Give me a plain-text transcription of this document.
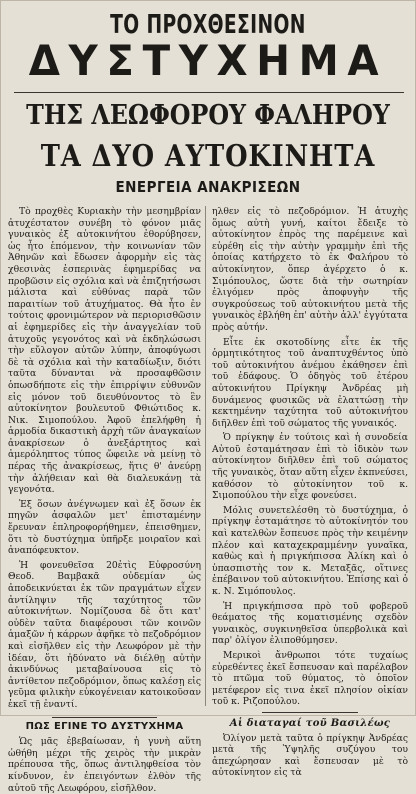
ΤΟ ΠΡΟΧΘΕΣΙΝΟΝ
ΔΥΣΤΥΧΗΜΑ
ΤΗΣ ΛΕΩΦΟΡΟΥ ΦΑΛΗΡΟΥ
ΤΑ ΔΥΟ ΑΥΤΟΚΙΝΗΤΑ
ΕΝΕΡΓΕΙΑ ΑΝΑΚΡΙΣΕΩΝ

Τὸ προχθὲς Κυριακὴν τὴν μεσημβρίαν ἀτυχέστατον συνέβη τὸ φόνον μιᾶς γυναικὸς ἐξ αὐτοκινήτου ἐθορύβησεν, ὡς ἦτο ἑπόμενον, τὴν κοινωνίαν τῶν Ἀθηνῶν καὶ ἔδωσεν ἀφορμὴν εἰς τὰς χθεσινὰς ἑσπερινὰς ἐφημερίδας να προβῶσιν εἰς σχόλια καὶ νὰ ἐπιζητήσωσι μάλιστα καὶ εὐθύνας παρὰ τῶν παραιτίων τοῦ ἀτυχήματος. Θὰ ἦτο ἐν τούτοις φρονιμώτερον νὰ περιορισθῶσιν αἱ ἐφημερίδες εἰς τὴν ἀναγγελίαν τοῦ ἀτυχοῦς γεγονότος καὶ νὰ ἐκδηλώσωσι τὴν εὔλογον αὐτῶν λύπην, ἀποφύγωσι δὲ τὰ σχόλια καὶ τὴν καταδίωξιν, διότι ταῦτα δύνανται νὰ προσαφθῶσιν ὁπωσδήποτε εἰς τὴν ἐπιρρίψιν εὐθυνῶν εἰς μόνον τοῦ διευθύνοντος τὸ ἓν αὐτοκίνητον βουλευτοῦ Φθιώτιδος κ. Νικ. Σιμοπούλου. Ἀφοῦ ἐπελήφθη ἡ ἁρμοδία δικαστικὴ ἀρχὴ τῶν ἀναγκαίων ἀνακρίσεων ὁ ἀνεξάρτητος καὶ ἀμερόληπτος τύπος ὤφειλε νὰ μείνῃ τὸ πέρας τῆς ἀνακρίσεως, ἥτις θ' ἀνεύρῃ τὴν ἀλήθειαν καὶ θὰ διαλευκάνῃ τὰ γεγονότα.

Ἐξ ὅσων ἀνέγνωμεν καὶ ἐξ ὅσων ἐκ πηγῶν ἀσφαλῶν μετ' ἐπισταμένην ἔρευναν ἐπληροφορήθημεν, ἐπεισθημεν, ὅτι τὸ δυστύχημα ὑπῆρξε μοιραῖον καὶ ἀναπόφευκτον.

Ἡ φονευθεῖσα 20ἐτὶς Εὐφροσύνη Θεοδ. Βαμβακᾶ οὐδεμίαν ὡς ἀποδεικνύεται ἐκ τῶν πραγμάτων εἶχεν ἀντίληψιν τῆς ταχύτητος τῶν αὐτοκινήτων. Νομίζουσα δὲ ὅτι κατ' οὐδὲν ταῦτα διαφέρουσι τῶν κοινῶν ἁμαξῶν ἡ κάρρων ἀφῆκε τὸ πεζοδρόμιον καὶ εἰσῆλθεν εἰς τὴν Λεωφόρον μὲ τὴν ἰδέαν, ὅτι ἠδύνατο νὰ διέλθῃ αὐτὴν ἀκινδύνως μεταβαίνουσα εἰς τὸ ἀντίθετον πεζοδρόμιον, ὅπως καλέσῃ εἰς γεῦμα φιλικὴν εὐκογένειαν κατοικοῦσαν ἐκεῖ τῇ ἐναντί.

ΠΩΣ ΕΓΙΝΕ ΤΟ ΔΥΣΤΥΧΗΜΑ

Ὡς μᾶς ἐβεβαίωσαν, ἡ γυνὴ αὕτη ὠθήθη μέχρι τῆς χειρὸς τὴν μικρὰν πρέπουσα τῆς, ὅπως ἀντιληφθείσα τὸν κίνδυνον, ἐν ἐπειγόντων ἐλθὸν τῆς αὐτοῦ τῆς Λεωφόρου, εἰσῆλθον.

ηλθεν εἰς τὸ πεζοδρόμιον. Ἡ ἀτυχὴς ὅμως αὐτὴ γυνή, καίτοι ἔδειξε τὸ αὐτοκίνητον ἐπρὸς της παρέμεινε καὶ εὑρέθη εἰς τὴν αὐτὴν γραμμὴν ἐπὶ τῆς ὁποίας κατήρχετο τὸ ἐκ Φαλήρου τὸ αὐτοκίνητον, ὅπερ ἀγέρχετο ὁ κ. Σιμόπουλος, ὥστε διὰ τὴν σωτηρίαν ἐλιγόμεν πρὸς ἀποφυγὴν τῆς συγκρούσεως τοῦ αὐτοκινήτου μετὰ τῆς γυναικὸς ἐβλήθη ἐπ' αὐτὴν ἀλλ' ἐγγύτατα πρὸς αὐτήν.

Εἶτε ἐκ σκοτοδίνης εἶτε ἐκ τῆς ὁρμητικότητος τοῦ ἀναπτυχθέντος ὑπὸ τοῦ αὐτοκινήτου ἀνέμου ἐκάθησεν ἐπὶ τοῦ ἐδάφους. Ὁ ὁδηγὸς τοῦ ἑτέρου αὐτοκινήτου Πρίγκηψ Ἀνδρέας μὴ δυνάμενος φυσικῶς νὰ ἐλαττώσῃ τὴν κεκτημένην ταχύτητα τοῦ αὐτοκινήτου διῆλθεν ἐπὶ τοῦ σώματος τῆς γυναικός.

Ὁ πρίγκηψ ἐν τούτοις καὶ ἡ συνοδεία Αὐτοῦ ἐσταμάτησαν ἐπὶ τὸ ἰδικὸν των αὐτοκίνητον διῆλθεν ἐπὶ τοῦ σώματος τῆς γυναικὸς, ὅταν αὕτη εἶχεν ἐκπνεύσει, καθόσον τὸ αὐτοκίνητον τοῦ κ. Σιμοπούλου τὴν εἶχε φονεύσει.

Μόλις συνετελέσθη τὸ δυστύχημα, ὁ πρίγκηψ ἐσταμάτησε τὸ αὐτοκίνητόν του καὶ κατελθὼν ἔσπευσε πρὸς τὴν κειμένην πλέον καὶ καταχεκραμμένην γυναῖκα, καθὼς καὶ ἡ πριγκήπισσα Ἀλίκη καὶ ὁ ὑπασπιστὴς τον κ. Μεταξᾶς, οἵτινες ἐπέβαινον τοῦ αὐτοκινήτου. Ἐπίσης καὶ ὁ κ. Ν. Σιμόπουλος.

Ἡ πριγκήπισσα πρὸ τοῦ φοβεροῦ θεάματος τῆς κοματισμένης σχεδὸν γυναικὸς, συγκινηθεῖσα ὑπερβολικὰ καὶ παρ' ὀλίγον ἐλιποθύμησεν.

Μερικοὶ ἄνθρωποι τότε τυχαίως εὑρεθέντες ἐκεῖ ἔσπευσαν καὶ παρέλαβον τὸ πτῶμα τοῦ θύματος, τὸ ὁποῖον μετέφερον εἰς τινα ἐκεῖ πλησίον οἰκίαν τοῦ κ. Ριζοπούλου.

Αἱ διαταγαί τοῦ Βασιλέως

Ὀλίγον μετὰ ταῦτα ὁ πρίγκηψ Ἀνδρέας μετὰ τῆς Ὑψηλῆς συζύγου του ἀπεχώρησαν καὶ ἔσπευσαν μὲ τὸ αὐτοκίνητον εἰς τὰ
